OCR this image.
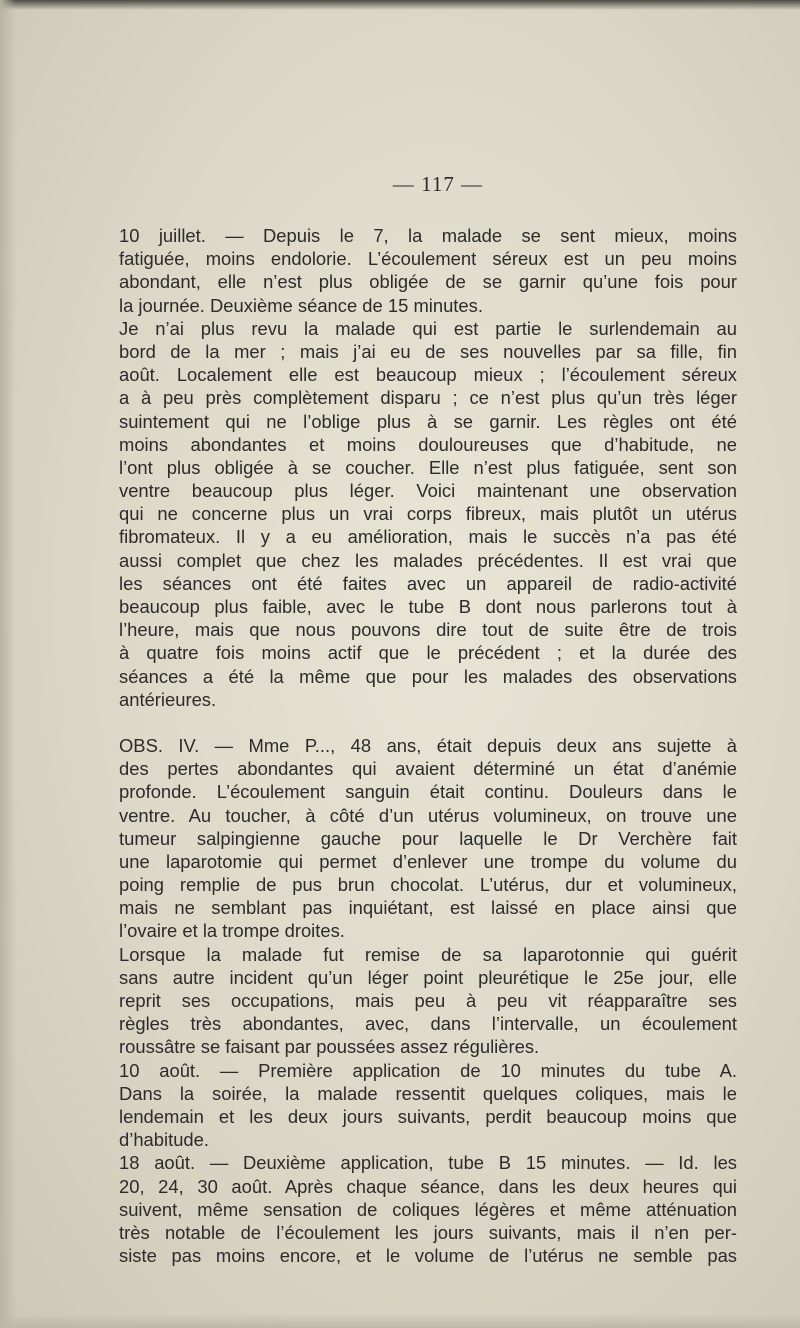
— 117 —
10 juillet. — Depuis le 7, la malade se sent mieux, moins
fatiguée, moins endolorie. L’écoulement séreux est un peu moins
abondant, elle n’est plus obligée de se garnir qu’une fois pour
la journée. Deuxième séance de 15 minutes.
Je n’ai plus revu la malade qui est partie le surlendemain au
bord de la mer ; mais j’ai eu de ses nouvelles par sa fille, fin
août. Localement elle est beaucoup mieux ; l’écoulement séreux
a à peu près complètement disparu ; ce n’est plus qu’un très léger
suintement qui ne l’oblige plus à se garnir. Les règles ont été
moins abondantes et moins douloureuses que d’habitude, ne
l’ont plus obligée à se coucher. Elle n’est plus fatiguée, sent son
ventre beaucoup plus léger. Voici maintenant une observation
qui ne concerne plus un vrai corps fibreux, mais plutôt un utérus
fibromateux. Il y a eu amélioration, mais le succès n’a pas été
aussi complet que chez les malades précédentes. Il est vrai que
les séances ont été faites avec un appareil de radio-activité
beaucoup plus faible, avec le tube B dont nous parlerons tout à
l’heure, mais que nous pouvons dire tout de suite être de trois
à quatre fois moins actif que le précédent ; et la durée des
séances a été la même que pour les malades des observations
antérieures.
OBS. IV. — Mme P..., 48 ans, était depuis deux ans sujette à
des pertes abondantes qui avaient déterminé un état d’anémie
profonde. L’écoulement sanguin était continu. Douleurs dans le
ventre. Au toucher, à côté d’un utérus volumineux, on trouve une
tumeur salpingienne gauche pour laquelle le Dr Verchère fait
une laparotomie qui permet d’enlever une trompe du volume du
poing remplie de pus brun chocolat. L’utérus, dur et volumineux,
mais ne semblant pas inquiétant, est laissé en place ainsi que
l’ovaire et la trompe droites.
Lorsque la malade fut remise de sa laparotonnie qui guérit
sans autre incident qu’un léger point pleurétique le 25e jour, elle
reprit ses occupations, mais peu à peu vit réapparaître ses
règles très abondantes, avec, dans l’intervalle, un écoulement
roussâtre se faisant par poussées assez régulières.
10 août. — Première application de 10 minutes du tube A.
Dans la soirée, la malade ressentit quelques coliques, mais le
lendemain et les deux jours suivants, perdit beaucoup moins que
d’habitude.
18 août. — Deuxième application, tube B 15 minutes. — Id. les
20, 24, 30 août. Après chaque séance, dans les deux heures qui
suivent, même sensation de coliques légères et même atténuation
très notable de l’écoulement les jours suivants, mais il n’en per-
siste pas moins encore, et le volume de l’utérus ne semble pas
